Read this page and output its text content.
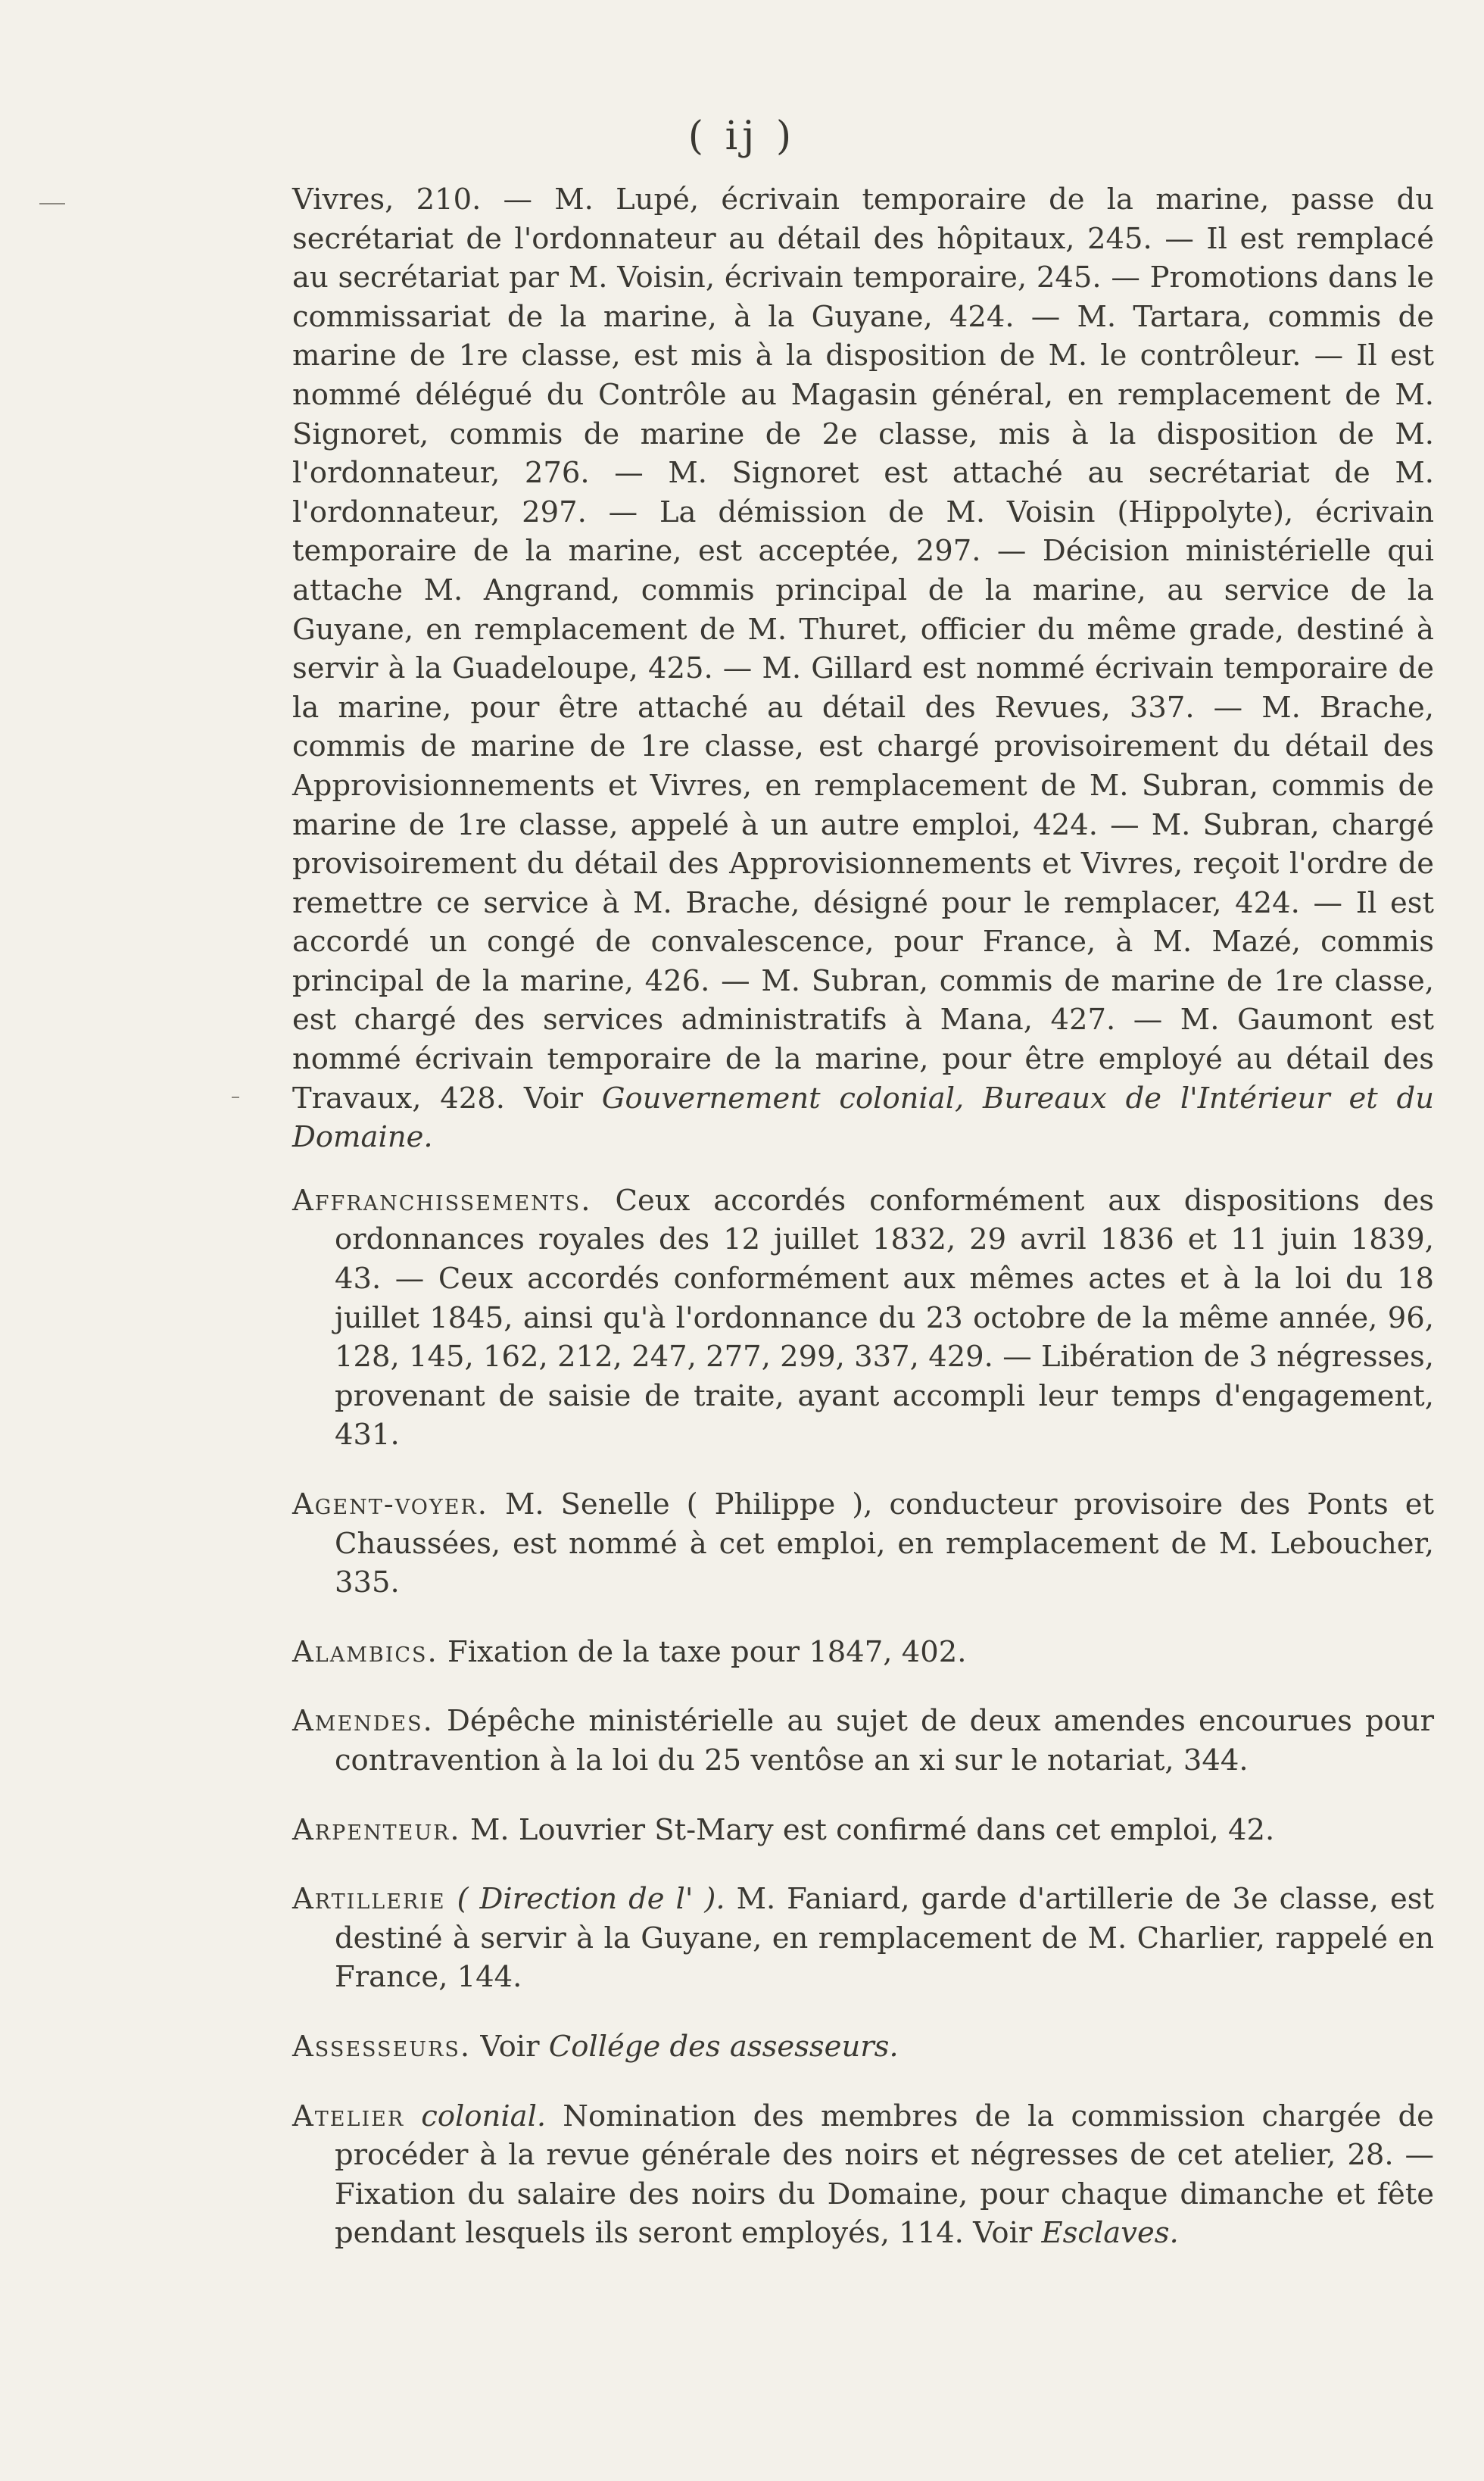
( ij )

Vivres, 210. — M. Lupé, écrivain temporaire de la marine, passe du secrétariat de l'ordonnateur au détail des hôpitaux, 245. — Il est remplacé au secrétariat par M. Voisin, écrivain temporaire, 245. — Promotions dans le commissariat de la marine, à la Guyane, 424. — M. Tartara, commis de marine de 1re classe, est mis à la disposition de M. le contrôleur. — Il est nommé délégué du Contrôle au Magasin général, en remplacement de M. Signoret, commis de marine de 2e classe, mis à la disposition de M. l'ordonnateur, 276. — M. Signoret est attaché au secrétariat de M. l'ordonnateur, 297. — La démission de M. Voisin (Hippolyte), écrivain temporaire de la marine, est acceptée, 297. — Décision ministérielle qui attache M. Angrand, commis principal de la marine, au service de la Guyane, en remplacement de M. Thuret, officier du même grade, destiné à servir à la Guadeloupe, 425. — M. Gillard est nommé écrivain temporaire de la marine, pour être attaché au détail des Revues, 337. — M. Brache, commis de marine de 1re classe, est chargé provisoirement du détail des Approvisionnements et Vivres, en remplacement de M. Subran, commis de marine de 1re classe, appelé à un autre emploi, 424. — M. Subran, chargé provisoirement du détail des Approvisionnements et Vivres, reçoit l'ordre de remettre ce service à M. Brache, désigné pour le remplacer, 424. — Il est accordé un congé de convalescence, pour France, à M. Mazé, commis principal de la marine, 426. — M. Subran, commis de marine de 1re classe, est chargé des services administratifs à Mana, 427. — M. Gaumont est nommé écrivain temporaire de la marine, pour être employé au détail des Travaux, 428. Voir Gouvernement colonial, Bureaux de l'Intérieur et du Domaine.

Affranchissements. Ceux accordés conformément aux dispositions des ordonnances royales des 12 juillet 1832, 29 avril 1836 et 11 juin 1839, 43. — Ceux accordés conformément aux mêmes actes et à la loi du 18 juillet 1845, ainsi qu'à l'ordonnance du 23 octobre de la même année, 96, 128, 145, 162, 212, 247, 277, 299, 337, 429. — Libération de 3 négresses, provenant de saisie de traite, ayant accompli leur temps d'engagement, 431.

Agent-voyer. M. Senelle ( Philippe ), conducteur provisoire des Ponts et Chaussées, est nommé à cet emploi, en remplacement de M. Leboucher, 335.

Alambics. Fixation de la taxe pour 1847, 402.

Amendes. Dépêche ministérielle au sujet de deux amendes encourues pour contravention à la loi du 25 ventôse an xi sur le notariat, 344.

Arpenteur. M. Louvrier St-Mary est confirmé dans cet emploi, 42.

Artillerie ( Direction de l' ). M. Faniard, garde d'artillerie de 3e classe, est destiné à servir à la Guyane, en remplacement de M. Charlier, rappelé en France, 144.

Assesseurs. Voir Collége des assesseurs.

Atelier colonial. Nomination des membres de la commission chargée de procéder à la revue générale des noirs et négresses de cet atelier, 28. — Fixation du salaire des noirs du Domaine, pour chaque dimanche et fête pendant lesquels ils seront employés, 114. Voir Esclaves.
